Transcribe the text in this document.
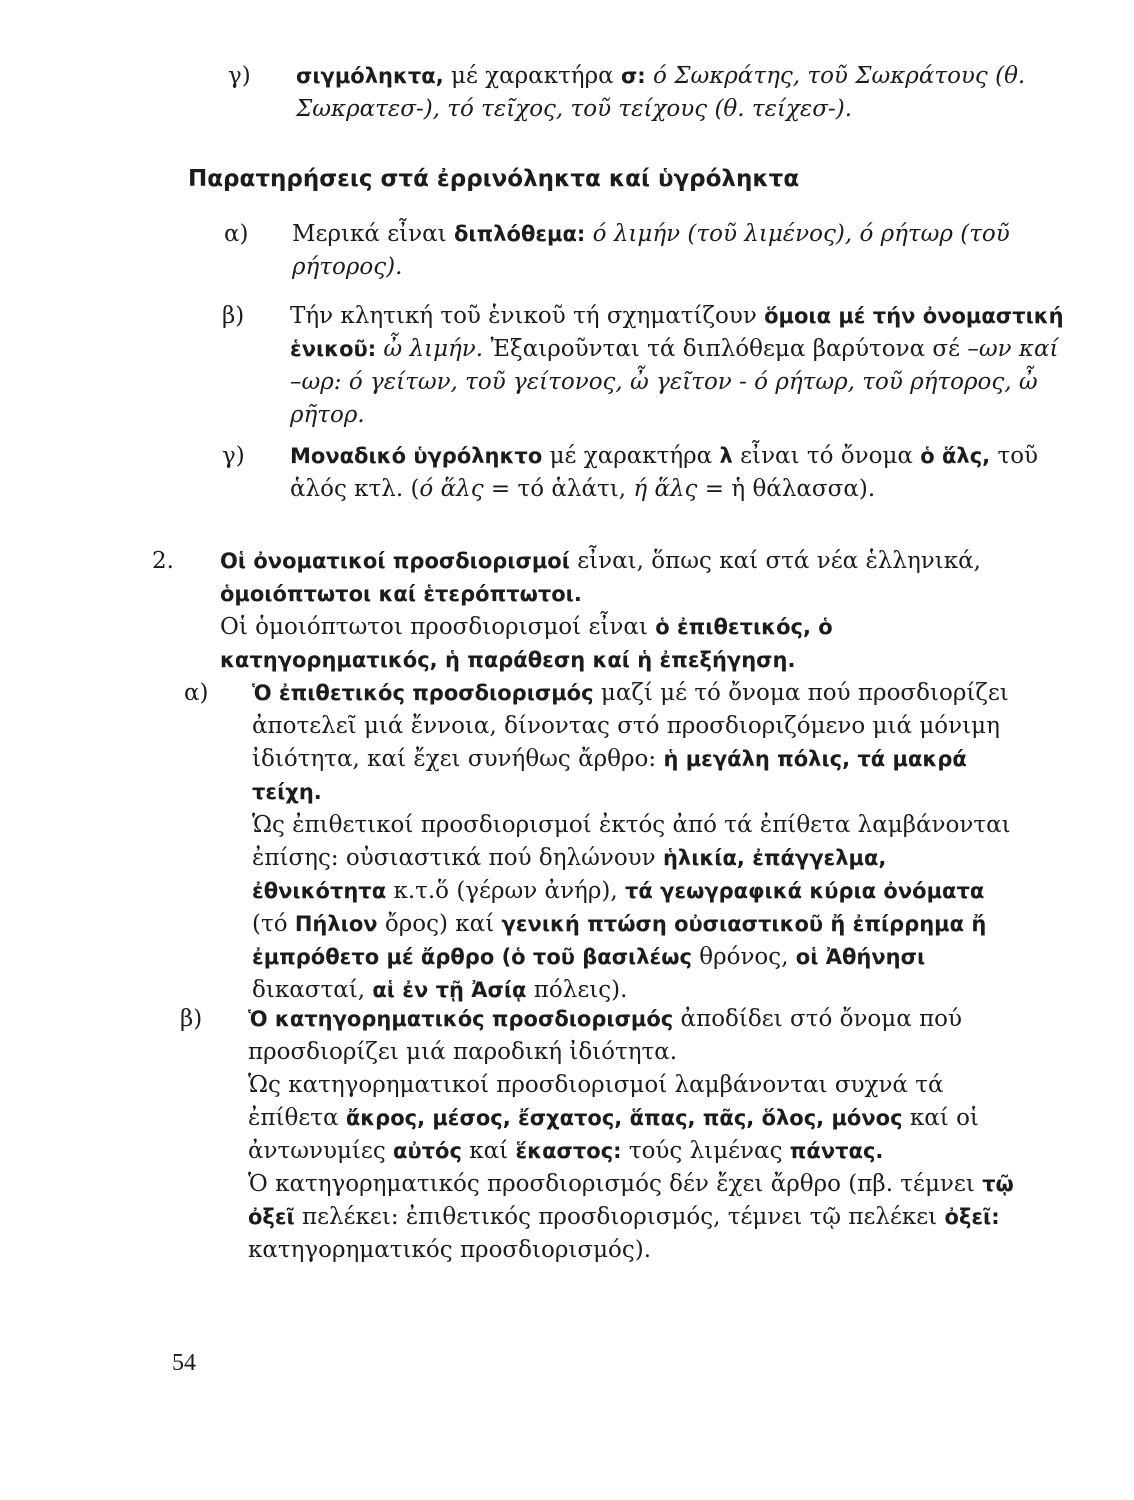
γ) σιγμόληκτα, μέ χαρακτήρα σ: ό Σωκράτης, τοῦ Σωκράτους (θ. Σωκρατεσ-), τό τεῖχος, τοῦ τείχους (θ. τείχεσ-).
Παρατηρήσεις στά ἐρρινόληκτα καί ὑγρόληκτα
α) Μερικά εἶναι διπλόθεμα: ό λιμήν (τοῦ λιμένος), ό ρήτωρ (τοῦ ρήτορος).
β) Τήν κλητική τοῦ ἑνικοῦ τή σχηματίζουν ὅμοια μέ τήν ὀνομαστική ἑνικοῦ: ὦ λιμήν. Ἐξαιροῦνται τά διπλόθεμα βαρύτονα σέ –ων καί –ωρ: ό γείτων, τοῦ γείτονος, ὦ γεῖτον - ό ρήτωρ, τοῦ ρήτορος, ὦ ρῆτορ.
γ) Μοναδικό ὑγρόληκτο μέ χαρακτήρα λ εἶναι τό ὄνομα ὁ ἅλς, τοῦ ἁλός κτλ. (ό ἅλς = τό ἁλάτι, ή ἅλς = ἡ θάλασσα).
2. Οἱ ὀνοματικοί προσδιορισμοί εἶναι, ὅπως καί στά νέα ἑλληνικά, ὁμοιόπτωτοι καί ἑτερόπτωτοι.
Οἱ ὁμοιόπτωτοι προσδιορισμοί εἶναι ὁ ἐπιθετικός, ὁ κατηγορηματικός, ἡ παράθεση καί ἡ ἐπεξήγηση.
α) Ὁ ἐπιθετικός προσδιορισμός μαζί μέ τό ὄνομα πού προσδιορίζει ἀποτελεῖ μιά ἔννοια, δίνοντας στό προσδιοριζόμενο μιά μόνιμη ἰδιότητα, καί ἔχει συνήθως ἄρθρο: ἡ μεγάλη πόλις, τά μακρά τείχη.
Ὡς ἐπιθετικοί προσδιορισμοί ἐκτός ἀπό τά ἐπίθετα λαμβάνονται ἐπίσης: οὐσιαστικά πού δηλώνουν ἡλικία, ἐπάγγελμα, ἐθνικότητα κ.τ.ὅ (γέρων ἀνήρ), τά γεωγραφικά κύρια ὀνόματα (τό Πήλιον ὄρος) καί γενική πτώση οὐσιαστικοῦ ἤ ἐπίρρημα ἤ ἐμπρόθετο μέ ἄρθρο (ὁ τοῦ βασιλέως θρόνος, οἱ Ἀθήνησι δικασταί, αἱ ἐν τῇ Ἀσίᾳ πόλεις).
β) Ὁ κατηγορηματικός προσδιορισμός ἀποδίδει στό ὄνομα πού προσδιορίζει μιά παροδική ἰδιότητα.
Ὡς κατηγορηματικοί προσδιορισμοί λαμβάνονται συχνά τά ἐπίθετα ἄκρος, μέσος, ἔσχατος, ἅπας, πᾶς, ὅλος, μόνος καί οἱ ἀντωνυμίες αὐτός καί ἕκαστος: τούς λιμένας πάντας.
Ὁ κατηγορηματικός προσδιορισμός δέν ἔχει ἄρθρο (πβ. τέμνει τῷ ὀξεῖ πελέκει: ἐπιθετικός προσδιορισμός, τέμνει τῷ πελέκει ὀξεῖ: κατηγορηματικός προσδιορισμός).
54
